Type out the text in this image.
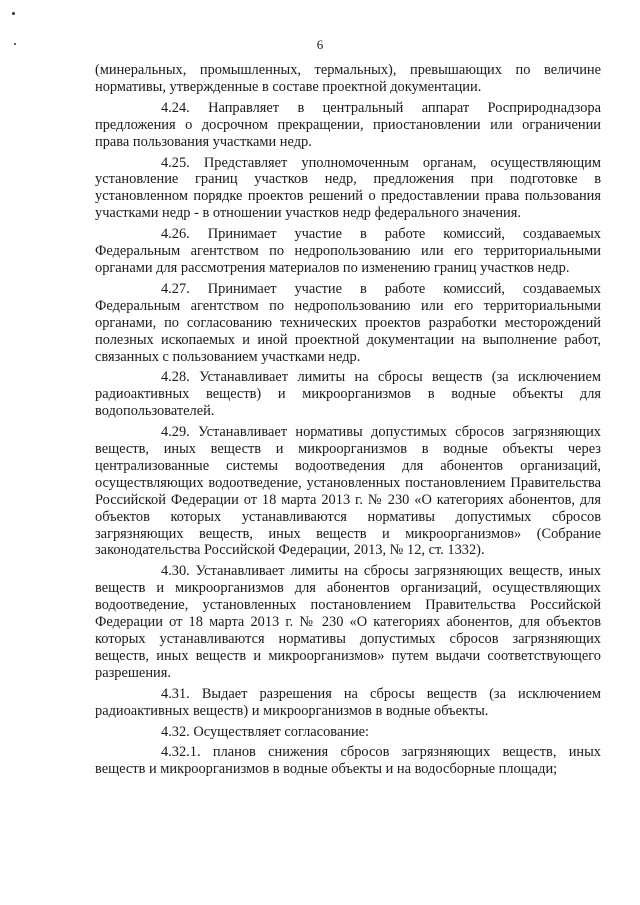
6

(минеральных, промышленных, термальных), превышающих по величине нормативы, утвержденные в составе проектной документации.

4.24. Направляет в центральный аппарат Росприроднадзора предложения о досрочном прекращении, приостановлении или ограничении права пользования участками недр.

4.25. Представляет уполномоченным органам, осуществляющим установление границ участков недр, предложения при подготовке в установленном порядке проектов решений о предоставлении права пользования участками недр - в отношении участков недр федерального значения.

4.26. Принимает участие в работе комиссий, создаваемых Федеральным агентством по недропользованию или его территориальными органами для рассмотрения материалов по изменению границ участков недр.

4.27. Принимает участие в работе комиссий, создаваемых Федеральным агентством по недропользованию или его территориальными органами, по согласованию технических проектов разработки месторождений полезных ископаемых и иной проектной документации на выполнение работ, связанных с пользованием участками недр.

4.28. Устанавливает лимиты на сбросы веществ (за исключением радиоактивных веществ) и микроорганизмов в водные объекты для водопользователей.

4.29. Устанавливает нормативы допустимых сбросов загрязняющих веществ, иных веществ и микроорганизмов в водные объекты через централизованные системы водоотведения для абонентов организаций, осуществляющих водоотведение, установленных постановлением Правительства Российской Федерации от 18 марта 2013 г. № 230 «О категориях абонентов, для объектов которых устанавливаются нормативы допустимых сбросов загрязняющих веществ, иных веществ и микроорганизмов» (Собрание законодательства Российской Федерации, 2013, № 12, ст. 1332).

4.30. Устанавливает лимиты на сбросы загрязняющих веществ, иных веществ и микроорганизмов для абонентов организаций, осуществляющих водоотведение, установленных постановлением Правительства Российской Федерации от 18 марта 2013 г. № 230 «О категориях абонентов, для объектов которых устанавливаются нормативы допустимых сбросов загрязняющих веществ, иных веществ и микроорганизмов» путем выдачи соответствующего разрешения.

4.31. Выдает разрешения на сбросы веществ (за исключением радиоактивных веществ) и микроорганизмов в водные объекты.

4.32. Осуществляет согласование:

4.32.1. планов снижения сбросов загрязняющих веществ, иных веществ и микроорганизмов в водные объекты и на водосборные площади;
